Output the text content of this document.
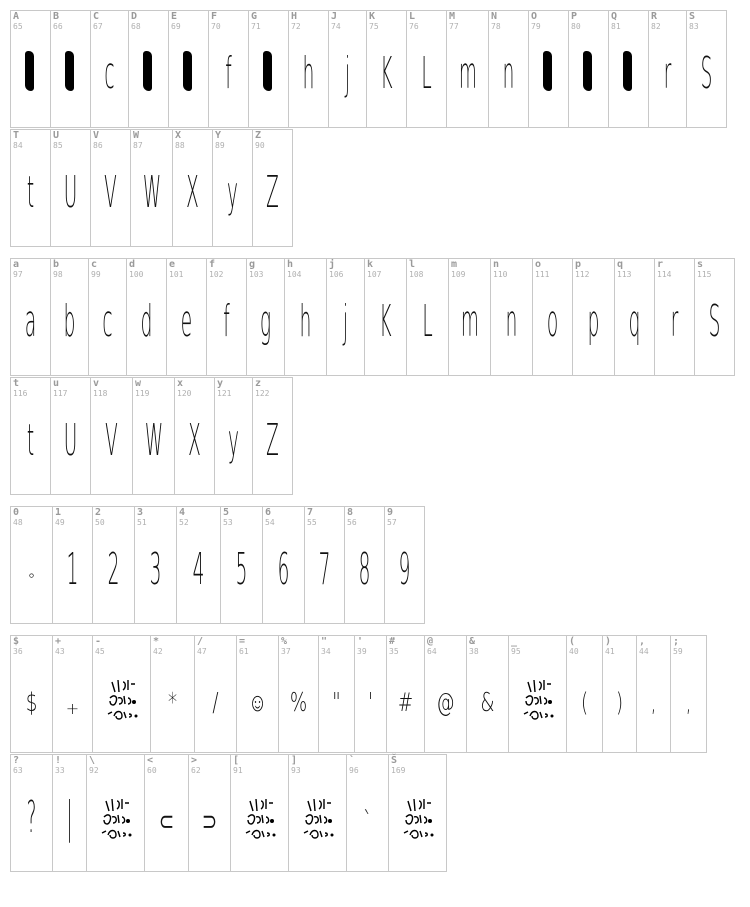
A
65
B
66
C
67
c
D
68
E
69
F
70
f
G
71
H
72
h
J
74
j
K
75
K
L
76
L
M
77
m
N
78
n
O
79
P
80
Q
81
R
82
r
S
83
S
T
84
t
U
85
U
V
86
V
W
87
W
X
88
X
Y
89
y
Z
90
Z
a
97
a
b
98
b
c
99
c
d
100
d
e
101
e
f
102
f
g
103
g
h
104
h
j
106
j
k
107
K
l
108
L
m
109
m
n
110
n
o
111
o
p
112
p
q
113
q
r
114
r
s
115
S
t
116
t
u
117
U
v
118
V
w
119
W
x
120
X
y
121
y
z
122
Z
0
48
°
1
49
1
2
50
2
3
51
3
4
52
4
5
53
5
6
54
6
7
55
7
8
56
8
9
57
9
$
36
$
+
43
+
-
45
*
42
*
/
47
/
=
61
☺
%
37
%
"
34
"
'
39
'
#
35
#
@
64
@
&
38
&
_
95
(
40
(
)
41
)
,
44
,
;
59
,
?
63
?
!
33
|
\
92
<
60
⊂
>
62
⊃
[
91
]
93
`
96
`
Š
169
